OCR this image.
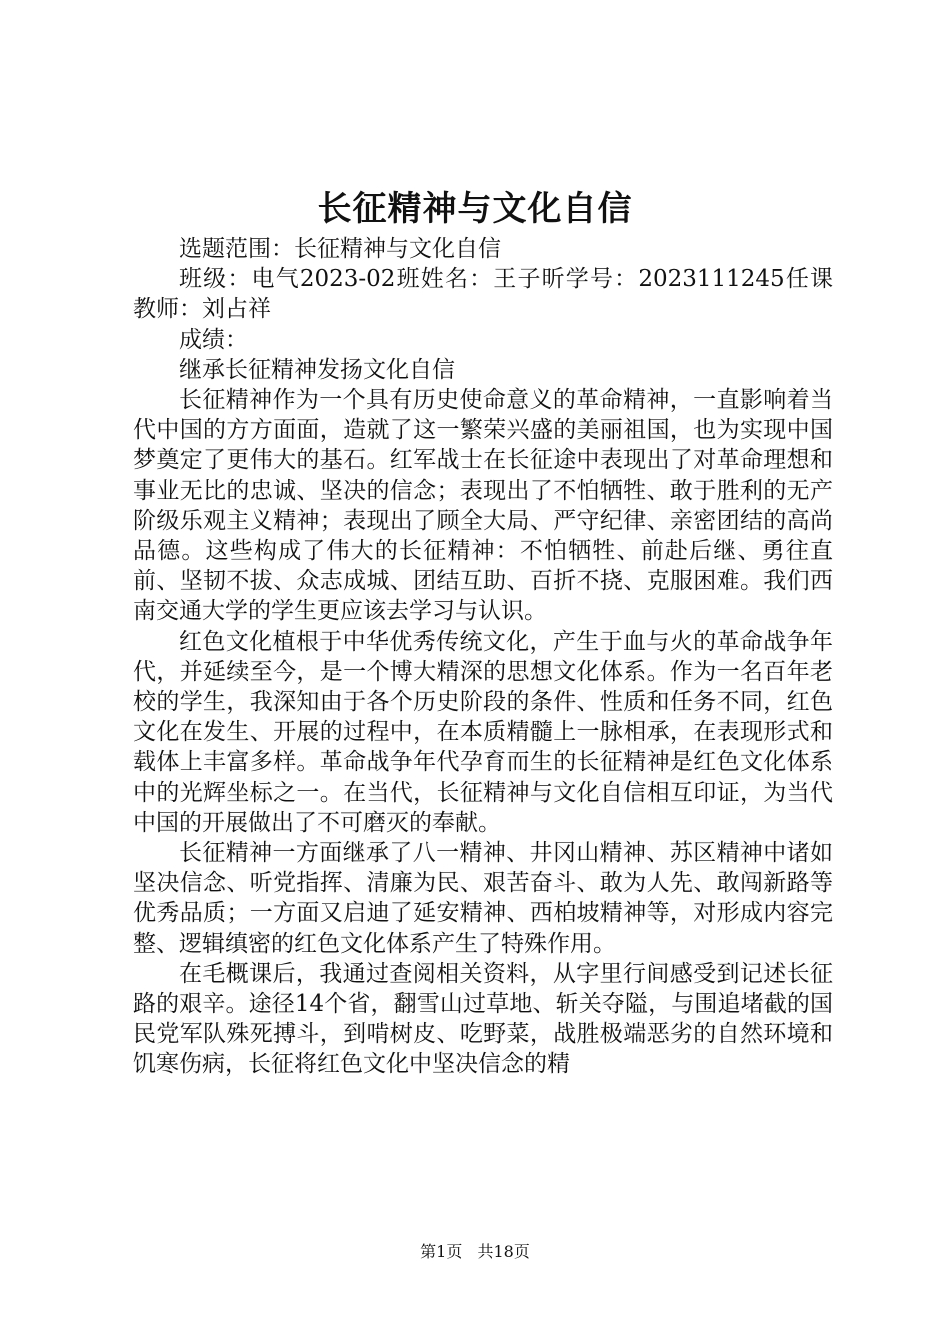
长征精神与文化自信

选题范围：长征精神与文化自信

班级：电气2023-02班姓名：王子昕学号：2023111245任课教师：刘占祥

成绩：

继承长征精神发扬文化自信

长征精神作为一个具有历史使命意义的革命精神，一直影响着当代中国的方方面面，造就了这一繁荣兴盛的美丽祖国，也为实现中国梦奠定了更伟大的基石。红军战士在长征途中表现出了对革命理想和事业无比的忠诚、坚决的信念；表现出了不怕牺牲、敢于胜利的无产阶级乐观主义精神；表现出了顾全大局、严守纪律、亲密团结的高尚品德。这些构成了伟大的长征精神：不怕牺牲、前赴后继、勇往直前、坚韧不拔、众志成城、团结互助、百折不挠、克服困难。我们西南交通大学的学生更应该去学习与认识。

红色文化植根于中华优秀传统文化，产生于血与火的革命战争年代，并延续至今，是一个博大精深的思想文化体系。作为一名百年老校的学生，我深知由于各个历史阶段的条件、性质和任务不同，红色文化在发生、开展的过程中，在本质精髓上一脉相承，在表现形式和载体上丰富多样。革命战争年代孕育而生的长征精神是红色文化体系中的光辉坐标之一。在当代，长征精神与文化自信相互印证，为当代中国的开展做出了不可磨灭的奉献。

长征精神一方面继承了八一精神、井冈山精神、苏区精神中诸如坚决信念、听党指挥、清廉为民、艰苦奋斗、敢为人先、敢闯新路等优秀品质；一方面又启迪了延安精神、西柏坡精神等，对形成内容完整、逻辑缜密的红色文化体系产生了特殊作用。

在毛概课后，我通过查阅相关资料，从字里行间感受到记述长征路的艰辛。途径14个省，翻雪山过草地、斩关夺隘，与围追堵截的国民党军队殊死搏斗，到啃树皮、吃野菜，战胜极端恶劣的自然环境和饥寒伤病，长征将红色文化中坚决信念的精

第1页 共18页
